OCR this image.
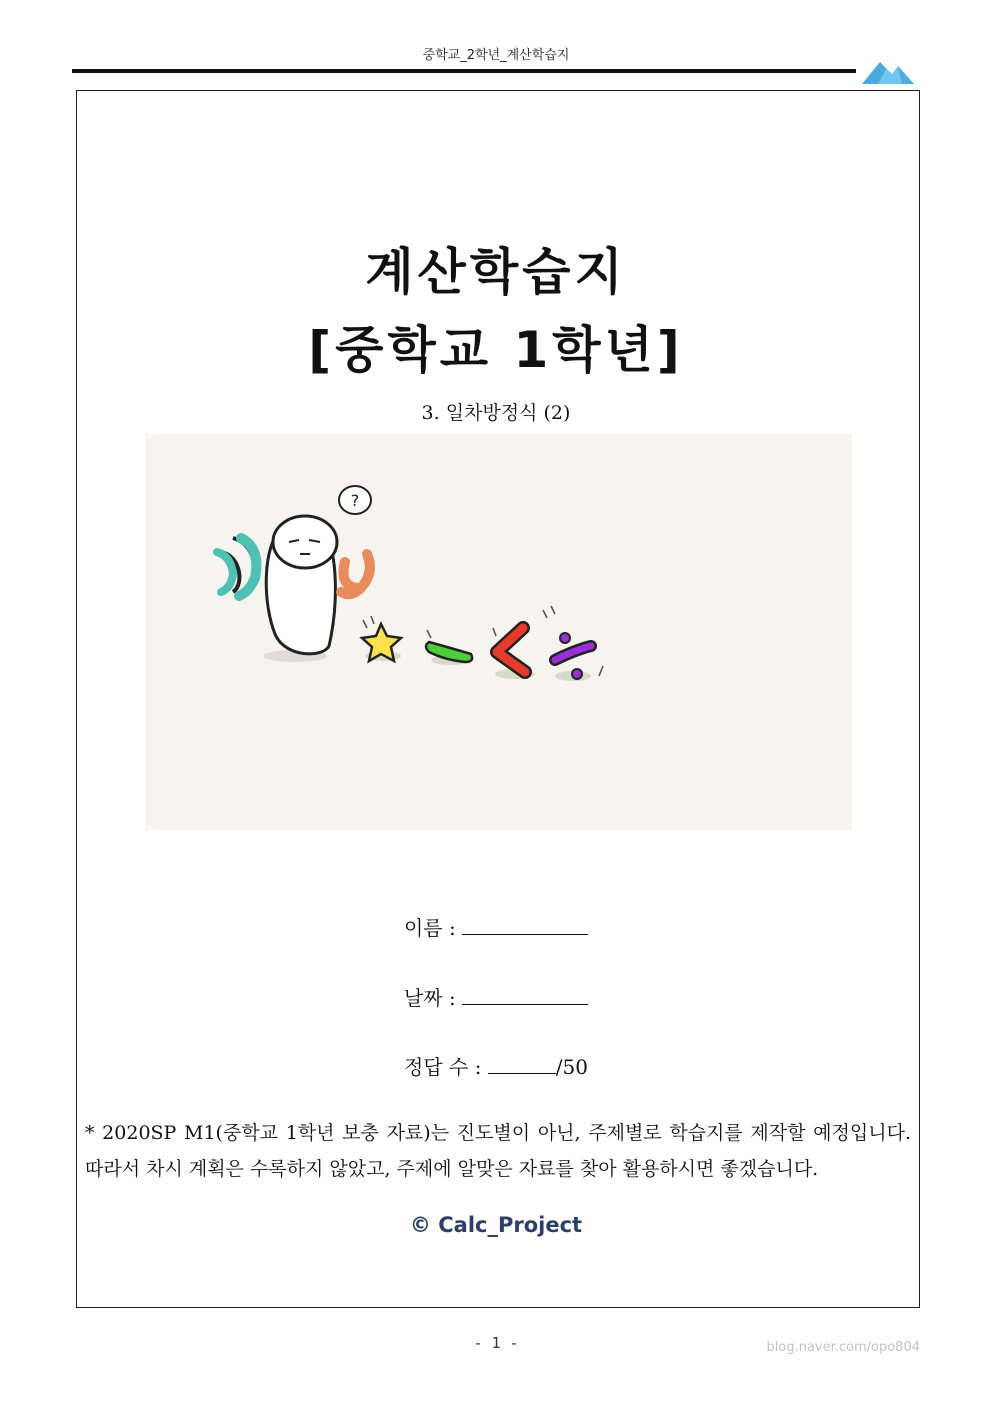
중학교_2학년_계산학습지
계산학습지
[중학교 1학년]
3. 일차방정식 (2)
?
이름 :
날짜 :
정답 수 :	/50
* 2020SP M1(중학교 1학년 보충 자료)는 진도별이 아닌, 주제별로 학습지를 제작할 예정입니다. 따라서 차시 계획은 수록하지 않았고, 주제에 알맞은 자료를 찾아 활용하시면 좋겠습니다.
© Calc_Project
- 1 -	blog.naver.com/opo804
